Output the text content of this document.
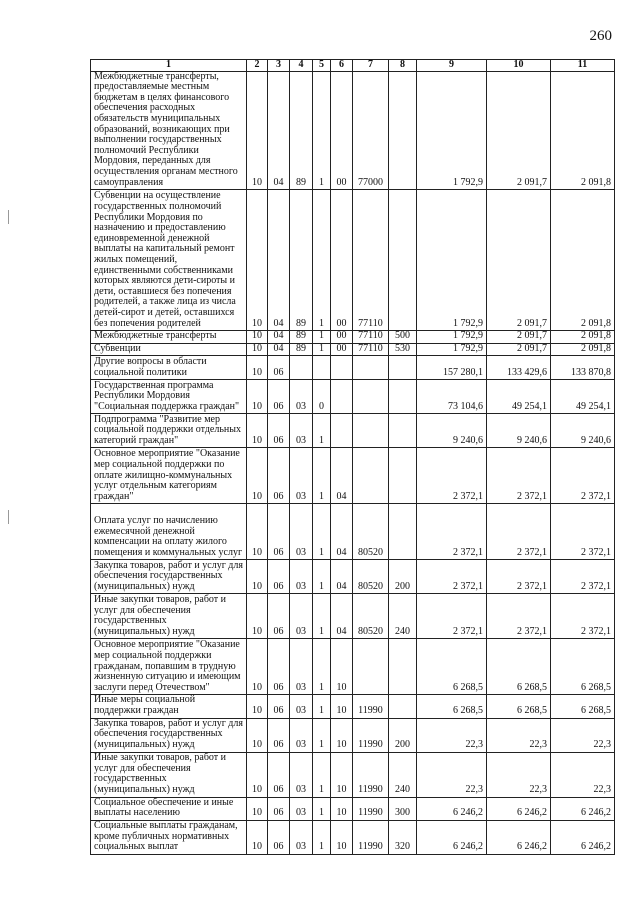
260
1	2	3	4	5	6	7	8	9	10	11
Межбюджетные трансферты, предоставляемые местным бюджетам в целях финансового обеспечения расходных обязательств муниципальных образований, возникающих при выполнении государственных полномочий Республики Мордовия, переданных для осуществления органам местного самоуправления	10	04	89	1	00	77000		1 792,9	2 091,7	2 091,8
Субвенции на осуществление государственных полномочий Республики Мордовия по назначению и предоставлению единовременной денежной выплаты на капитальный ремонт жилых помещений, единственными собственниками которых являются дети-сироты и дети, оставшиеся без попечения родителей, а также лица из числа детей-сирот и детей, оставшихся без попечения родителей	10	04	89	1	00	77110		1 792,9	2 091,7	2 091,8
Межбюджетные трансферты	10	04	89	1	00	77110	500	1 792,9	2 091,7	2 091,8
Субвенции	10	04	89	1	00	77110	530	1 792,9	2 091,7	2 091,8
Другие вопросы в области социальной политики	10	06						157 280,1	133 429,6	133 870,8
Государственная программа Республики Мордовия "Социальная поддержка граждан"	10	06	03	0				73 104,6	49 254,1	49 254,1
Подпрограмма "Развитие мер социальной поддержки отдельных категорий граждан"	10	06	03	1				9 240,6	9 240,6	9 240,6
Основное мероприятие "Оказание мер социальной поддержки по оплате жилищно-коммунальных услуг отдельным категориям граждан"	10	06	03	1	04			2 372,1	2 372,1	2 372,1
Оплата услуг по начислению ежемесячной денежной компенсации на оплату жилого помещения и коммунальных услуг	10	06	03	1	04	80520		2 372,1	2 372,1	2 372,1
Закупка товаров, работ и услуг для обеспечения государственных (муниципальных) нужд	10	06	03	1	04	80520	200	2 372,1	2 372,1	2 372,1
Иные закупки товаров, работ и услуг для обеспечения государственных (муниципальных) нужд	10	06	03	1	04	80520	240	2 372,1	2 372,1	2 372,1
Основное мероприятие "Оказание мер социальной поддержки гражданам, попавшим в трудную жизненную ситуацию и имеющим заслуги перед Отечеством"	10	06	03	1	10			6 268,5	6 268,5	6 268,5
Иные меры социальной поддержки граждан	10	06	03	1	10	11990		6 268,5	6 268,5	6 268,5
Закупка товаров, работ и услуг для обеспечения государственных (муниципальных) нужд	10	06	03	1	10	11990	200	22,3	22,3	22,3
Иные закупки товаров, работ и услуг для обеспечения государственных (муниципальных) нужд	10	06	03	1	10	11990	240	22,3	22,3	22,3
Социальное обеспечение и иные выплаты населению	10	06	03	1	10	11990	300	6 246,2	6 246,2	6 246,2
Социальные выплаты гражданам, кроме публичных нормативных социальных выплат	10	06	03	1	10	11990	320	6 246,2	6 246,2	6 246,2
